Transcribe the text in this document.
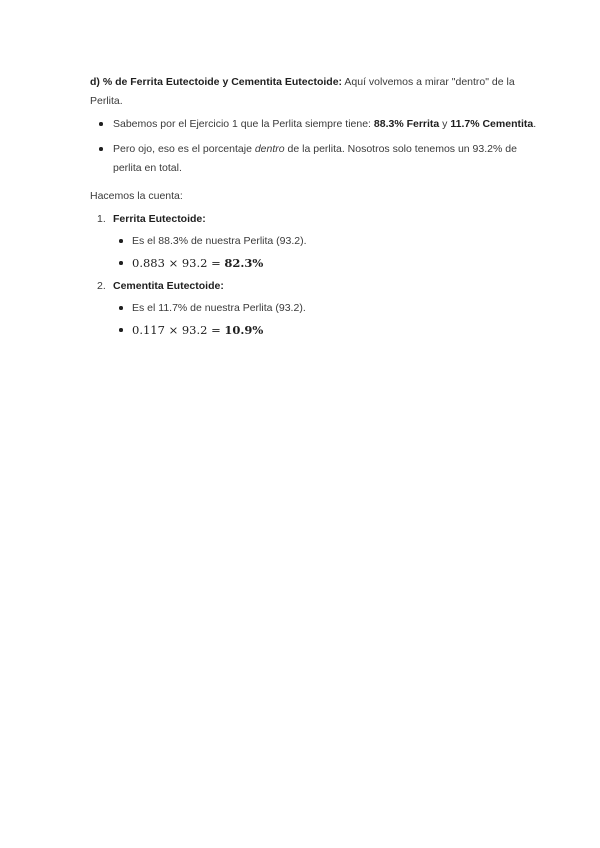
d) % de Ferrita Eutectoide y Cementita Eutectoide: Aquí volvemos a mirar "dentro" de la Perlita.

Sabemos por el Ejercicio 1 que la Perlita siempre tiene: 88.3% Ferrita y 11.7% Cementita.
Pero ojo, eso es el porcentaje dentro de la perlita. Nosotros solo tenemos un 93.2% de perlita en total.

Hacemos la cuenta:

1. Ferrita Eutectoide:
Es el 88.3% de nuestra Perlita (93.2).
0.883 × 93.2 = 82.3%
2. Cementita Eutectoide:
Es el 11.7% de nuestra Perlita (93.2).
0.117 × 93.2 = 10.9%
